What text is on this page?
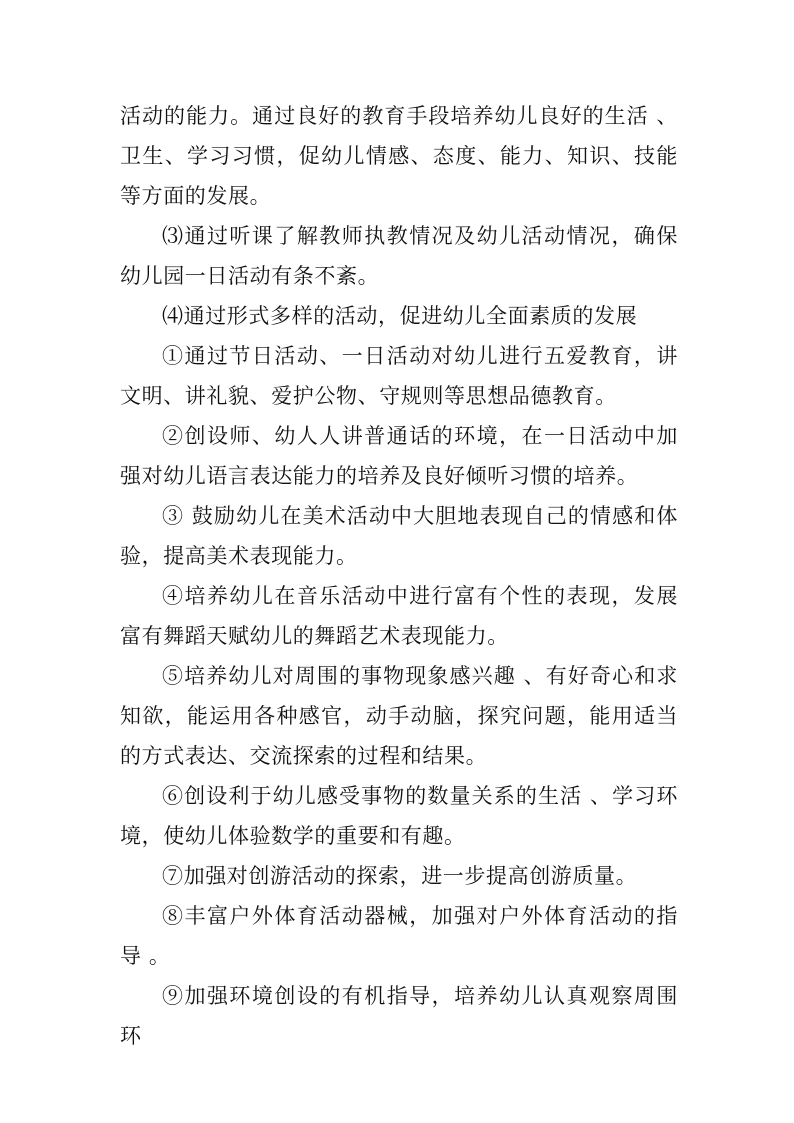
活动的能力。通过良好的教育手段培养幼儿良好的生活 、卫生、学习习惯，促幼儿情感、态度、能力、知识、技能等方面的发展。

⑶通过听课了解教师执教情况及幼儿活动情况，确保幼儿园一日活动有条不紊。

⑷通过形式多样的活动，促进幼儿全面素质的发展

①通过节日活动、一日活动对幼儿进行五爱教育，讲文明、讲礼貌、爱护公物、守规则等思想品德教育。

②创设师、幼人人讲普通话的环境，在一日活动中加强对幼儿语言表达能力的培养及良好倾听习惯的培养。

③ 鼓励幼儿在美术活动中大胆地表现自己的情感和体验，提高美术表现能力。

④培养幼儿在音乐活动中进行富有个性的表现，发展富有舞蹈天赋幼儿的舞蹈艺术表现能力。

⑤培养幼儿对周围的事物现象感兴趣 、有好奇心和求知欲，能运用各种感官，动手动脑，探究问题，能用适当的方式表达、交流探索的过程和结果。

⑥创设利于幼儿感受事物的数量关系的生活 、学习环境，使幼儿体验数学的重要和有趣。

⑦加强对创游活动的探索，进一步提高创游质量。

⑧丰富户外体育活动器械，加强对户外体育活动的指导 。

⑨加强环境创设的有机指导，培养幼儿认真观察周围环
